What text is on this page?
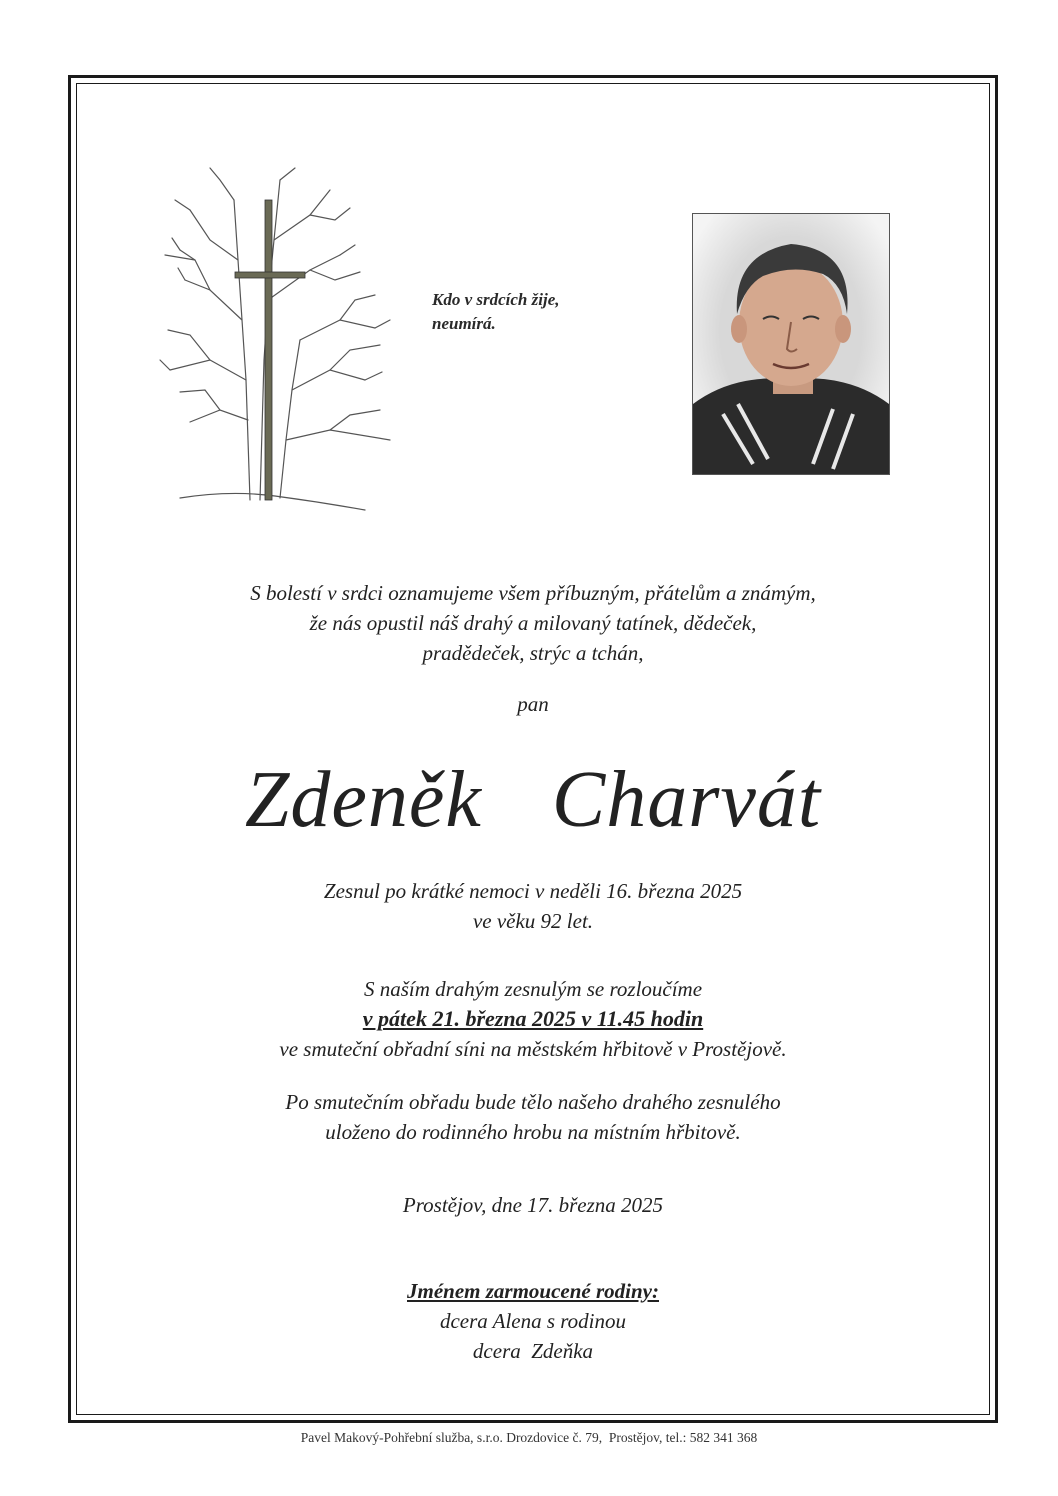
Kdo v srdcích žije,
neumírá.
S bolestí v srdci oznamujeme všem příbuzným, přátelům a známým,
že nás opustil náš drahý a milovaný tatínek, dědeček,
pradědeček, strýc a tchán,
pan
Zdeněk  Charvát
Zesnul po krátké nemoci v neděli 16. března 2025
ve věku 92 let.
S naším drahým zesnulým se rozloučíme
v pátek 21. března 2025 v 11.45 hodin
ve smuteční obřadní síni na městském hřbitově v Prostějově.
Po smutečním obřadu bude tělo našeho drahého zesnulého
uloženo do rodinného hrobu na místním hřbitově.
Prostějov, dne 17. března 2025
Jménem zarmoucené rodiny:
dcera Alena s rodinou
dcera  Zdeňka
Pavel Makový-Pohřební služba, s.r.o. Drozdovice č. 79,  Prostějov, tel.: 582 341 368
